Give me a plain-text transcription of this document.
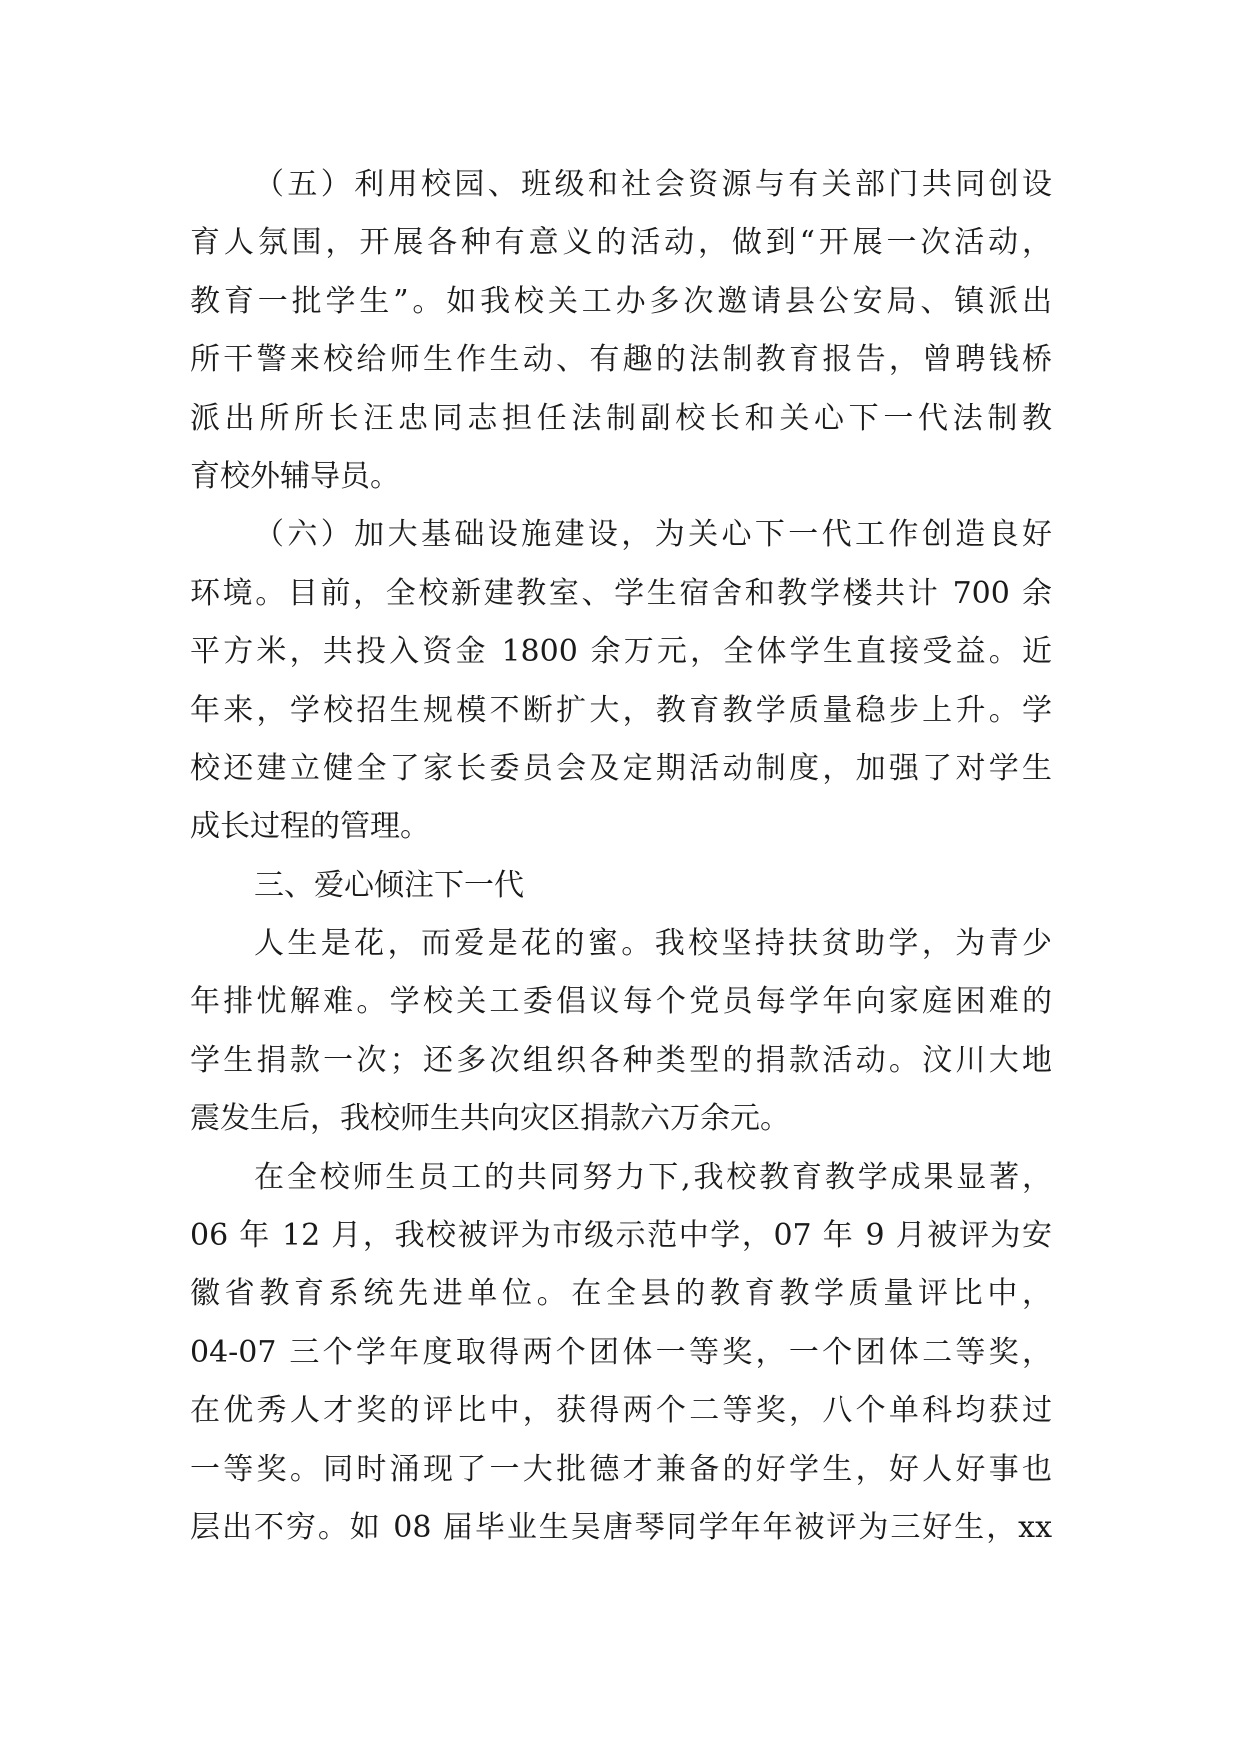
（五）利用校园、班级和社会资源与有关部门共同创设
育人氛围，开展各种有意义的活动，做到“开展一次活动，
教育一批学生”。如我校关工办多次邀请县公安局、镇派出
所干警来校给师生作生动、有趣的法制教育报告，曾聘钱桥
派出所所长汪忠同志担任法制副校长和关心下一代法制教
育校外辅导员。
（六）加大基础设施建设，为关心下一代工作创造良好
环境。目前，全校新建教室、学生宿舍和教学楼共计 700 余
平方米，共投入资金 1800 余万元，全体学生直接受益。近
年来，学校招生规模不断扩大，教育教学质量稳步上升。学
校还建立健全了家长委员会及定期活动制度，加强了对学生
成长过程的管理。
三、爱心倾注下一代
人生是花，而爱是花的蜜。我校坚持扶贫助学，为青少
年排忧解难。学校关工委倡议每个党员每学年向家庭困难的
学生捐款一次；还多次组织各种类型的捐款活动。汶川大地
震发生后，我校师生共向灾区捐款六万余元。
在全校师生员工的共同努力下,我校教育教学成果显著，
06 年 12 月，我校被评为市级示范中学，07 年 9 月被评为安
徽省教育系统先进单位。在全县的教育教学质量评比中，
04-07 三个学年度取得两个团体一等奖，一个团体二等奖，
在优秀人才奖的评比中，获得两个二等奖，八个单科均获过
一等奖。同时涌现了一大批德才兼备的好学生，好人好事也
层出不穷。如 08 届毕业生吴唐琴同学年年被评为三好生，xx
